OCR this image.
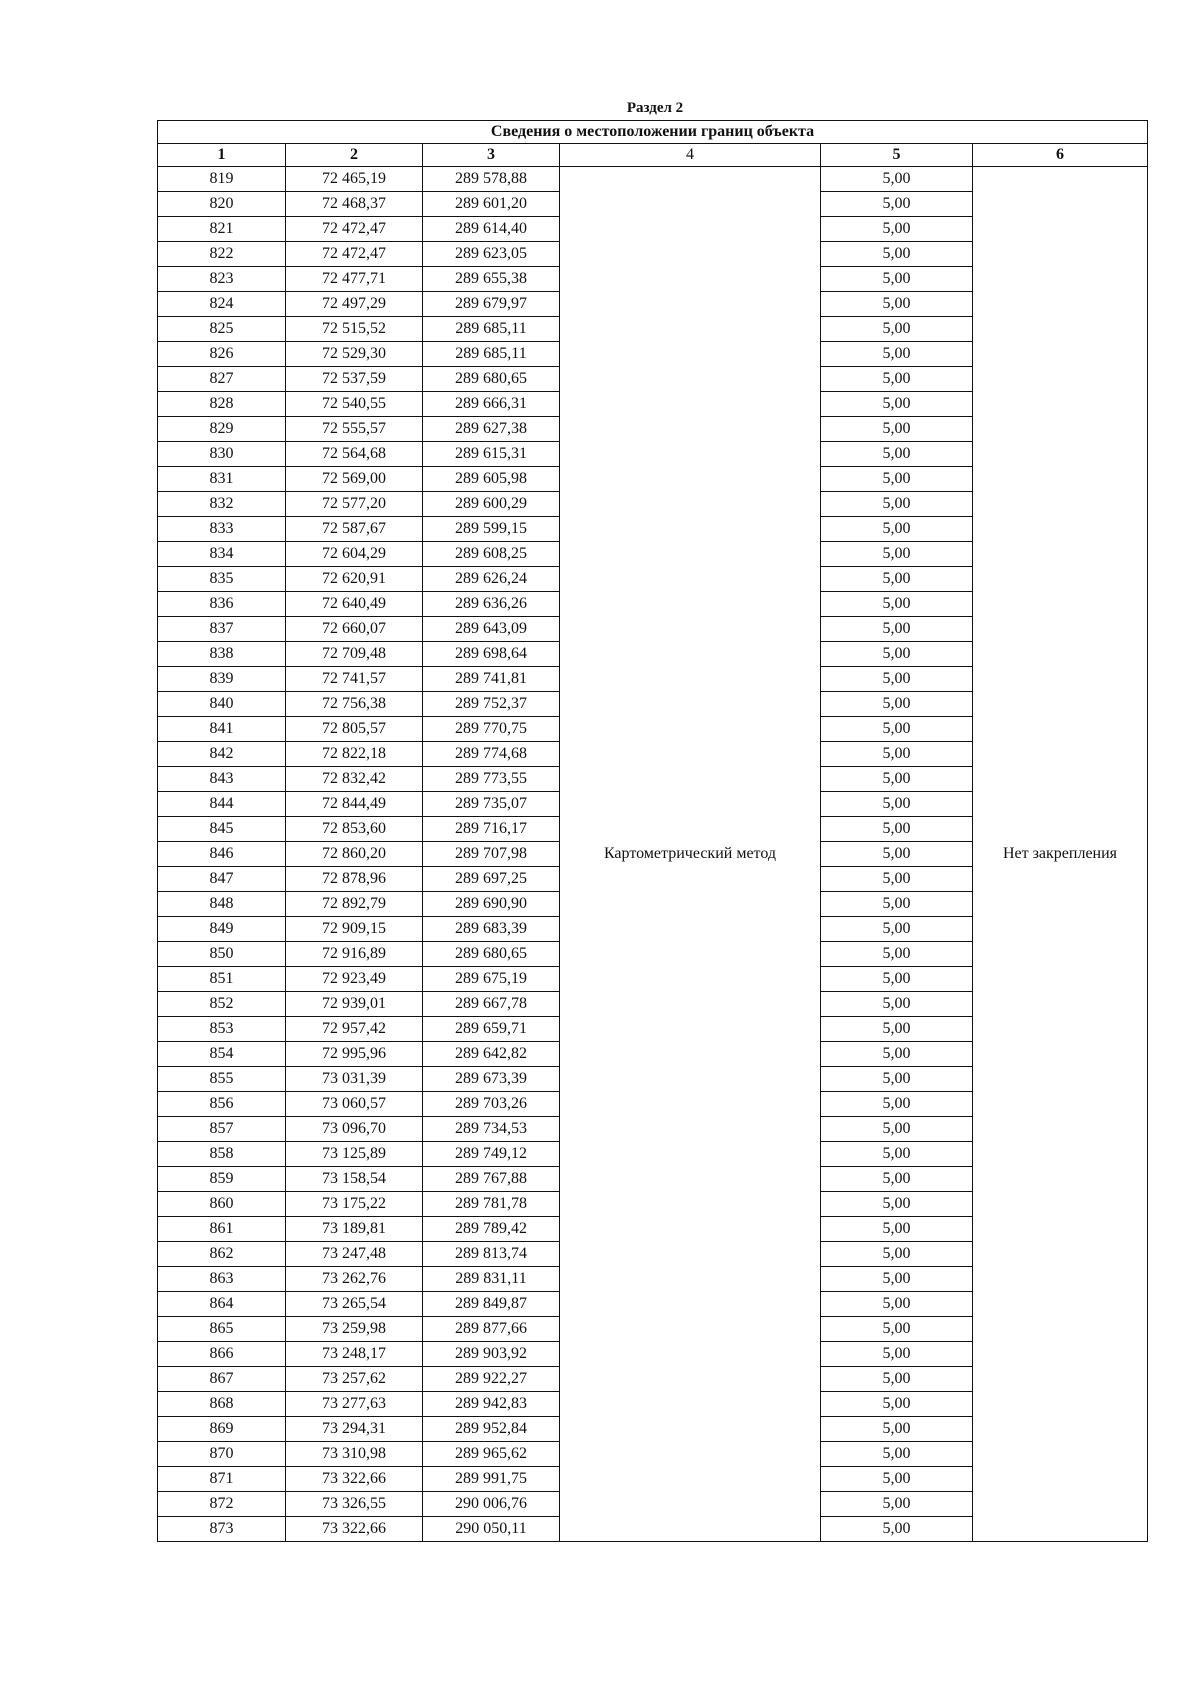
Раздел 2
Сведения о местоположении границ объекта					
1	2	3	4	5	6
819	72 465,19	289 578,88	Картометрический метод	5,00	Нет закрепления
820	72 468,37	289 601,20		5,00	
821	72 472,47	289 614,40		5,00	
822	72 472,47	289 623,05		5,00	
823	72 477,71	289 655,38		5,00	
824	72 497,29	289 679,97		5,00	
825	72 515,52	289 685,11		5,00	
826	72 529,30	289 685,11		5,00	
827	72 537,59	289 680,65		5,00	
828	72 540,55	289 666,31		5,00	
829	72 555,57	289 627,38		5,00	
830	72 564,68	289 615,31		5,00	
831	72 569,00	289 605,98		5,00	
832	72 577,20	289 600,29		5,00	
833	72 587,67	289 599,15		5,00	
834	72 604,29	289 608,25		5,00	
835	72 620,91	289 626,24		5,00	
836	72 640,49	289 636,26		5,00	
837	72 660,07	289 643,09		5,00	
838	72 709,48	289 698,64		5,00	
839	72 741,57	289 741,81		5,00	
840	72 756,38	289 752,37		5,00	
841	72 805,57	289 770,75		5,00	
842	72 822,18	289 774,68		5,00	
843	72 832,42	289 773,55		5,00	
844	72 844,49	289 735,07		5,00	
845	72 853,60	289 716,17		5,00	
846	72 860,20	289 707,98		5,00	
847	72 878,96	289 697,25		5,00	
848	72 892,79	289 690,90		5,00	
849	72 909,15	289 683,39		5,00	
850	72 916,89	289 680,65		5,00	
851	72 923,49	289 675,19		5,00	
852	72 939,01	289 667,78		5,00	
853	72 957,42	289 659,71		5,00	
854	72 995,96	289 642,82		5,00	
855	73 031,39	289 673,39		5,00	
856	73 060,57	289 703,26		5,00	
857	73 096,70	289 734,53		5,00	
858	73 125,89	289 749,12		5,00	
859	73 158,54	289 767,88		5,00	
860	73 175,22	289 781,78		5,00	
861	73 189,81	289 789,42		5,00	
862	73 247,48	289 813,74		5,00	
863	73 262,76	289 831,11		5,00	
864	73 265,54	289 849,87		5,00	
865	73 259,98	289 877,66		5,00	
866	73 248,17	289 903,92		5,00	
867	73 257,62	289 922,27		5,00	
868	73 277,63	289 942,83		5,00	
869	73 294,31	289 952,84		5,00	
870	73 310,98	289 965,62		5,00	
871	73 322,66	289 991,75		5,00	
872	73 326,55	290 006,76		5,00	
873	73 322,66	290 050,11		5,00	
